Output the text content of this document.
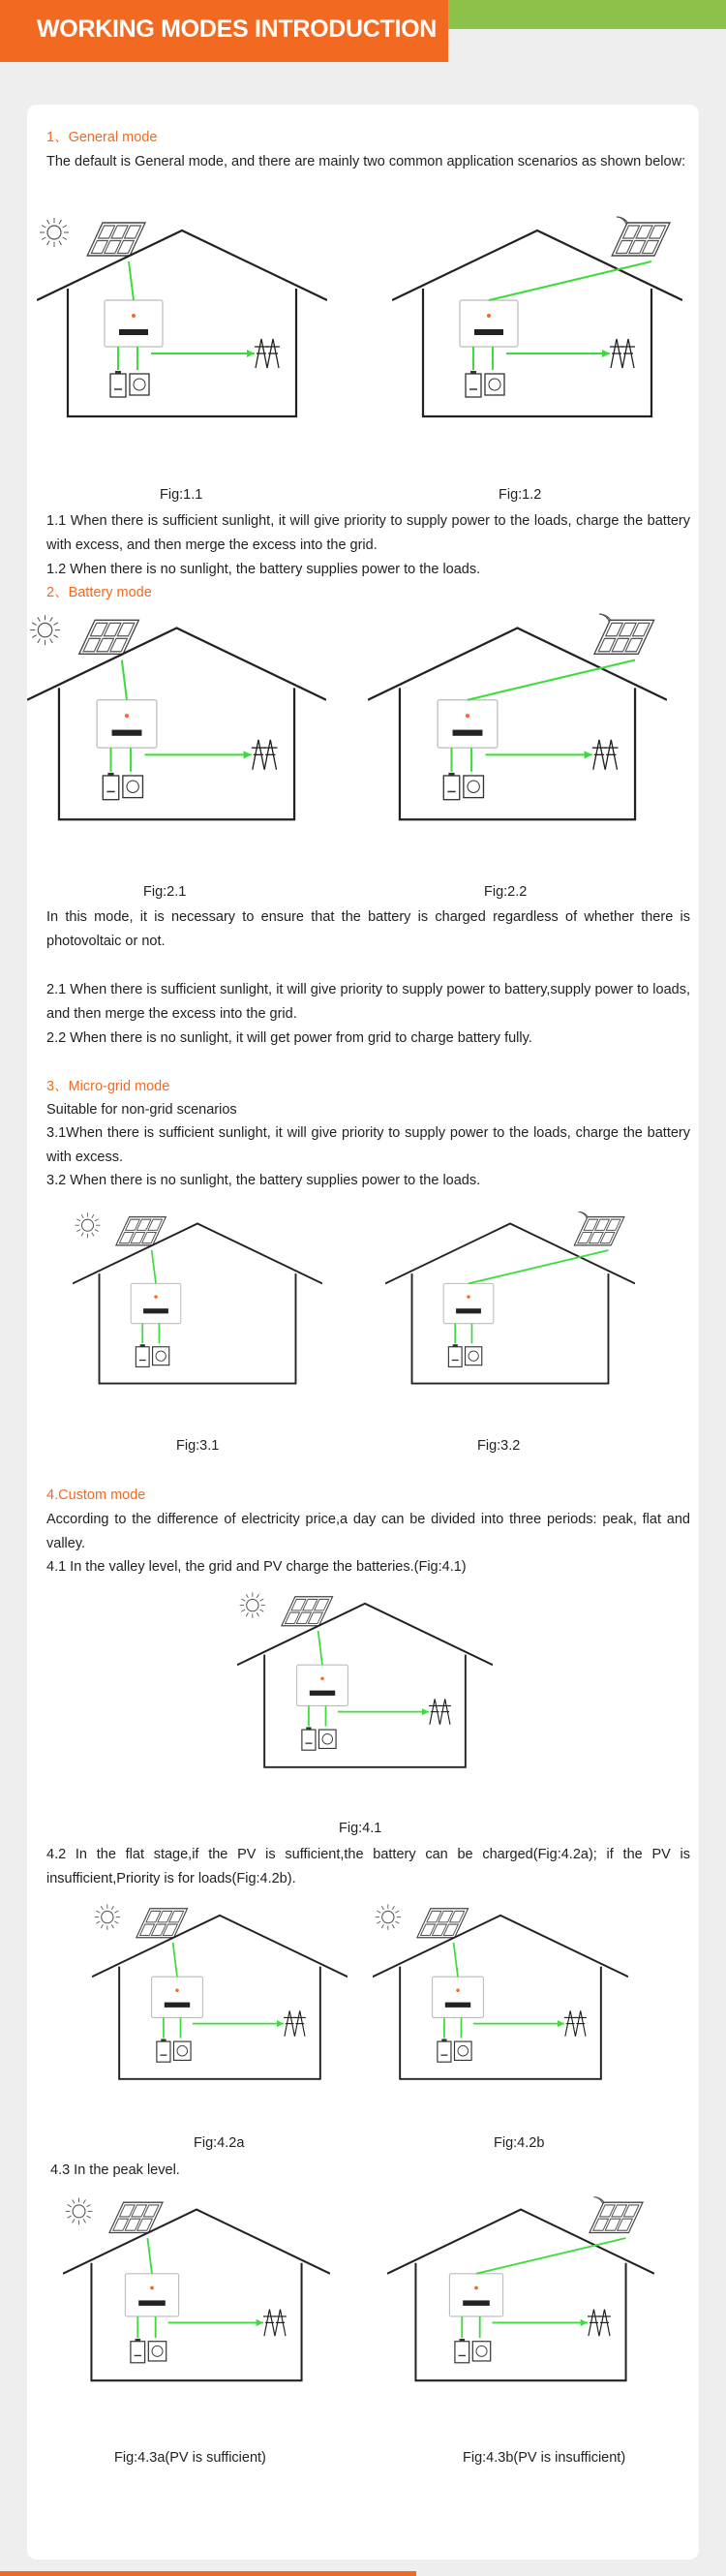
WORKING MODES INTRODUCTION
1、General mode
The default is General mode, and there are mainly two common application scenarios as shown below:
Fig:1.1	Fig:1.2
1.1 When there is sufficient sunlight, it will give priority to supply power to the loads, charge the battery with excess, and then merge the excess into the grid.
1.2 When there is no sunlight, the battery supplies power to the loads.
2、Battery mode
Fig:2.1	Fig:2.2
In this mode, it is necessary to ensure that the battery is charged regardless of whether there is photovoltaic or not.
2.1 When there is sufficient sunlight, it will give priority to supply power to battery,supply power to loads, and then merge the excess into the grid.
2.2 When there is no sunlight, it will get power from grid to charge battery fully.
3、Micro-grid mode
Suitable for non-grid scenarios
3.1When there is sufficient sunlight, it will give priority to supply power to the loads, charge the battery with excess.
3.2 When there is no sunlight, the battery supplies power to the loads.
Fig:3.1	Fig:3.2
4.Custom mode
According to the difference of electricity price,a day can be divided into three periods: peak, flat and valley.
4.1 In the valley level, the grid and PV charge the batteries.(Fig:4.1)
Fig:4.1
4.2 In the flat stage,if the PV is sufficient,the battery can be charged(Fig:4.2a); if the PV is insufficient,Priority is for loads(Fig:4.2b).
Fig:4.2a	Fig:4.2b
4.3 In the peak level.
Fig:4.3a(PV is sufficient)	Fig:4.3b(PV is insufficient)
